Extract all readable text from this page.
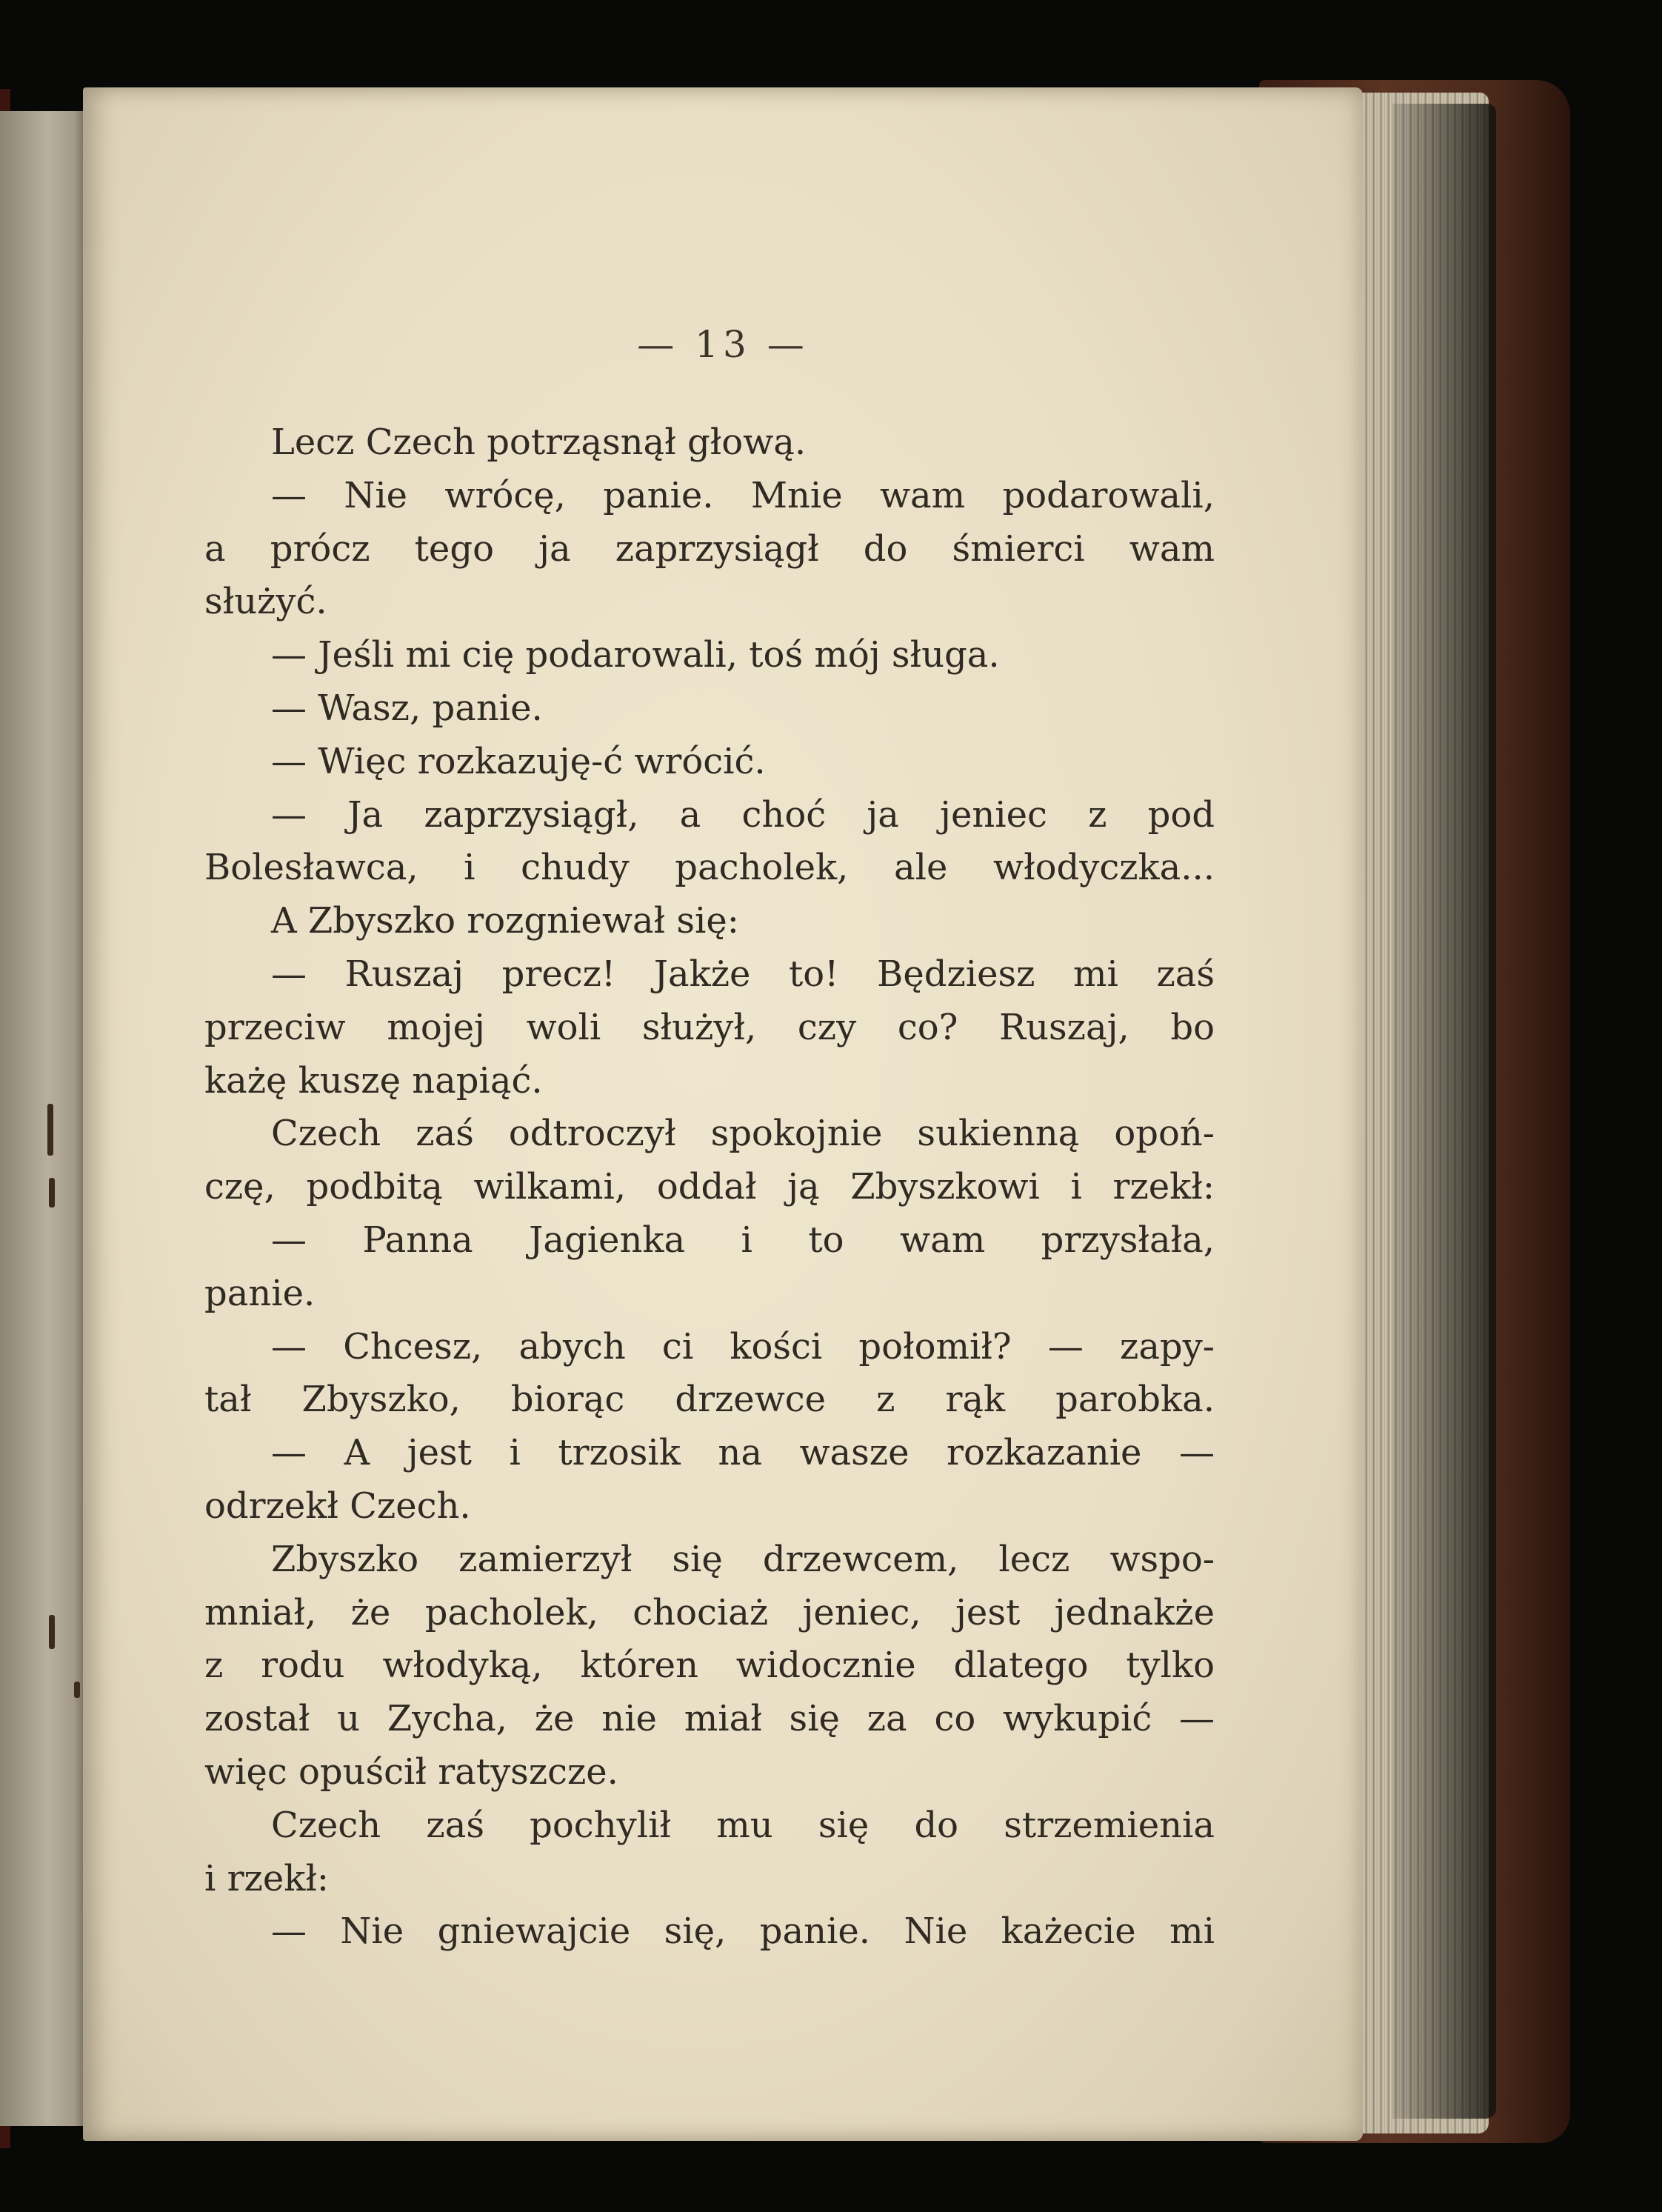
— 13 —
Lecz Czech potrząsnął głową.
— Nie wrócę, panie. Mnie wam podarowali,
a prócz tego ja zaprzysiągł do śmierci wam
służyć.
— Jeśli mi cię podarowali, toś mój sługa.
— Wasz, panie.
— Więc rozkazuję-ć wrócić.
— Ja zaprzysiągł, a choć ja jeniec z pod
Bolesławca, i chudy pacholek, ale włodyczka...
A Zbyszko rozgniewał się:
— Ruszaj precz! Jakże to! Będziesz mi zaś
przeciw mojej woli służył, czy co? Ruszaj, bo
każę kuszę napiąć.
Czech zaś odtroczył spokojnie sukienną opoń-
czę, podbitą wilkami, oddał ją Zbyszkowi i rzekł:
— Panna Jagienka i to wam przysłała,
panie.
— Chcesz, abych ci kości połomił? — zapy-
tał Zbyszko, biorąc drzewce z rąk parobka.
— A jest i trzosik na wasze rozkazanie —
odrzekł Czech.
Zbyszko zamierzył się drzewcem, lecz wspo-
mniał, że pacholek, chociaż jeniec, jest jednakże
z rodu włodyką, któren widocznie dlatego tylko
został u Zycha, że nie miał się za co wykupić —
więc opuścił ratyszcze.
Czech zaś pochylił mu się do strzemienia
i rzekł:
— Nie gniewajcie się, panie. Nie każecie mi
